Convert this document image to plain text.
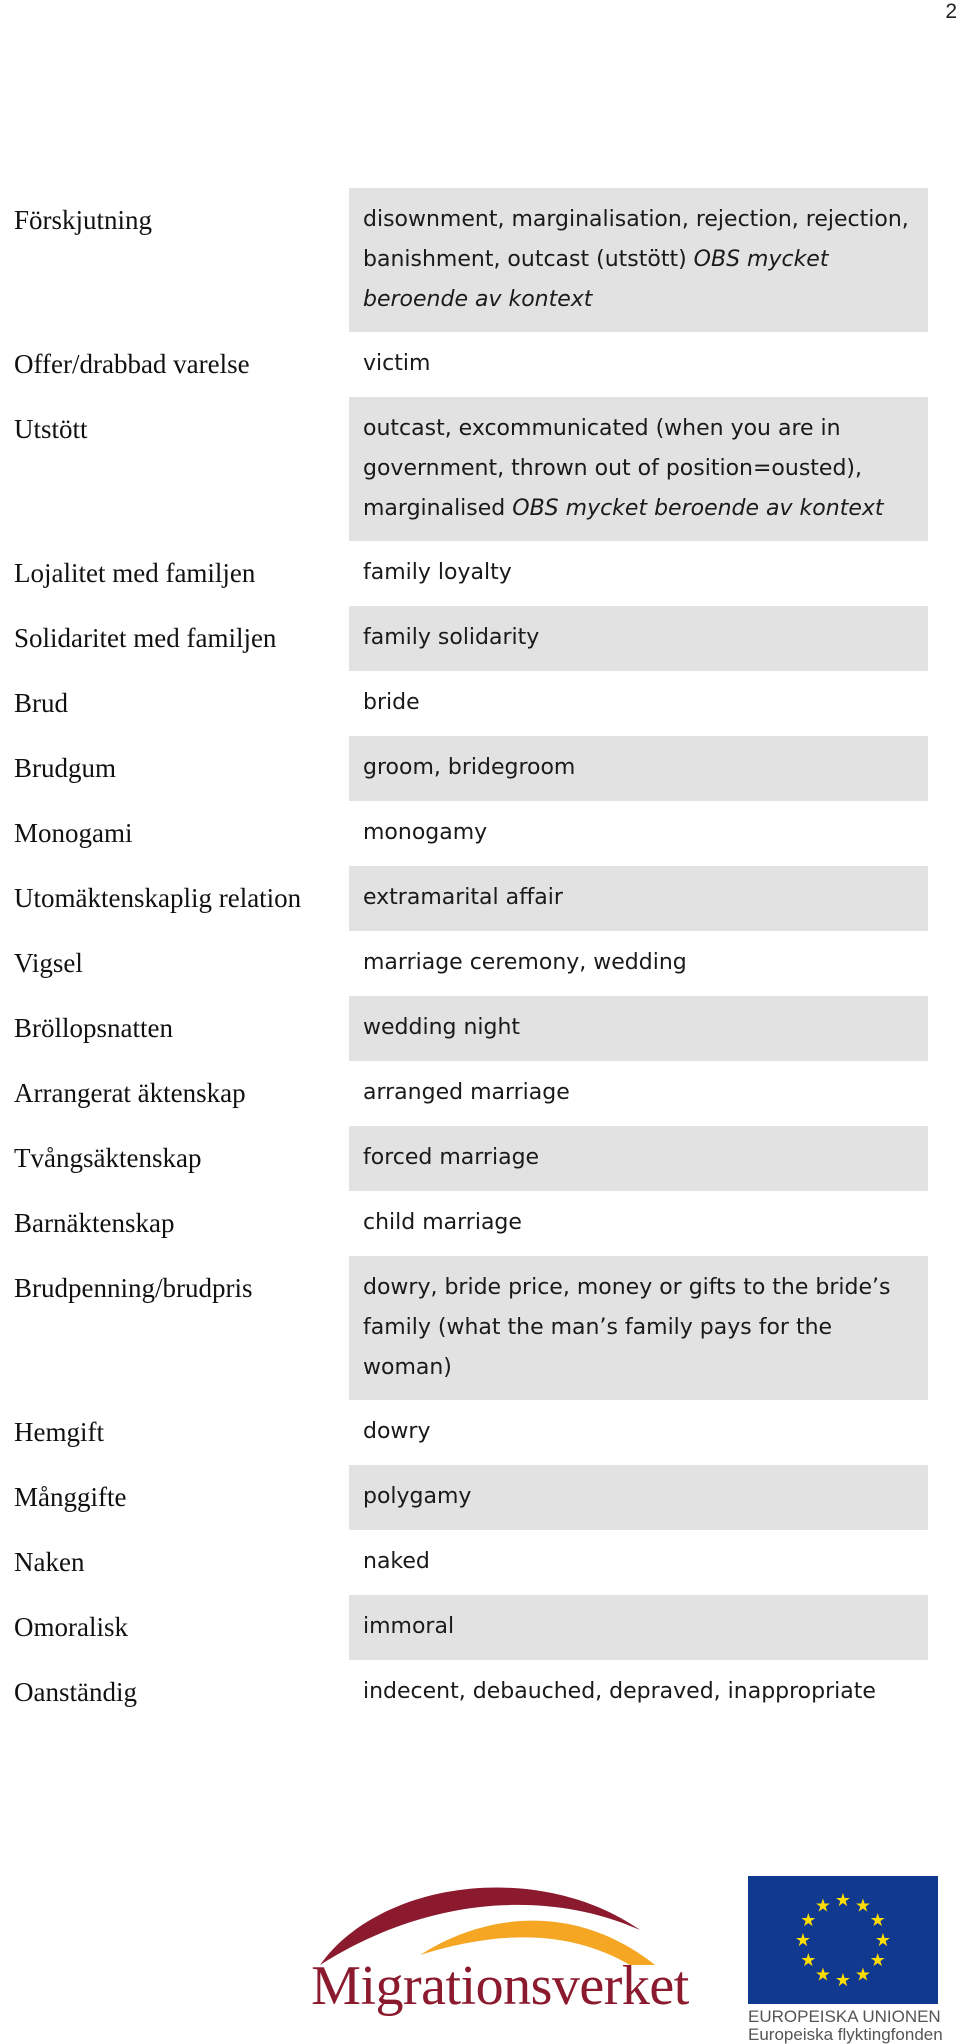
2
Förskjutning	disownment, marginalisation, rejection, rejection, banishment, outcast (utstött) OBS mycket beroende av kontext
Offer/drabbad varelse	victim
Utstött	outcast, excommunicated (when you are in government, thrown out of position=ousted), marginalised OBS mycket beroende av kontext
Lojalitet med familjen	family loyalty
Solidaritet med familjen	family solidarity
Brud	bride
Brudgum	groom, bridegroom
Monogami	monogamy
Utomäktenskaplig relation	extramarital affair
Vigsel	marriage ceremony, wedding
Bröllopsnatten	wedding night
Arrangerat äktenskap	arranged marriage
Tvångsäktenskap	forced marriage
Barnäktenskap	child marriage
Brudpenning/brudpris	dowry, bride price, money or gifts to the bride’s family (what the man’s family pays for the woman)
Hemgift	dowry
Månggifte	polygamy
Naken	naked
Omoralisk	immoral
Oanständig	indecent, debauched, depraved, inappropriate
Migrationsverket
★ ★
★
★
★
★
★
★
★
★
★
★
EUROPEISKA UNIONEN
Europeiska flyktingfonden
